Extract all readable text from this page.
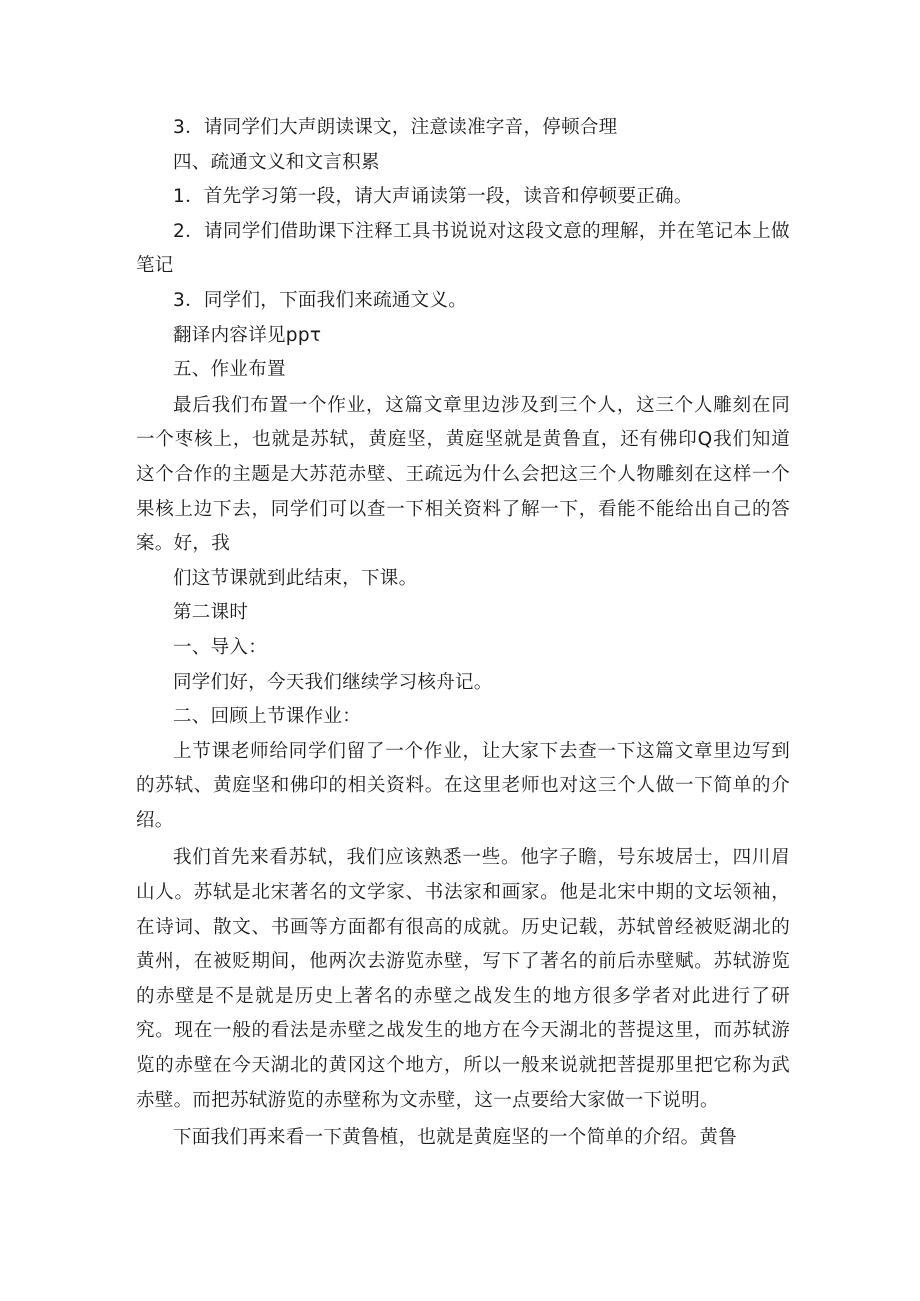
3．请同学们大声朗读课文，注意读准字音，停顿合理

四、疏通文义和文言积累

1．首先学习第一段，请大声诵读第一段，读音和停顿要正确。

2．请同学们借助课下注释工具书说说对这段文意的理解，并在笔记本上做笔记

3．同学们，下面我们来疏通文义。

翻译内容详见ppτ

五、作业布置

最后我们布置一个作业，这篇文章里边涉及到三个人，这三个人雕刻在同一个枣核上，也就是苏轼，黄庭坚，黄庭坚就是黄鲁直，还有佛印Q我们知道这个合作的主题是大苏范赤壁、王疏远为什么会把这三个人物雕刻在这样一个果核上边下去，同学们可以查一下相关资料了解一下，看能不能给出自己的答案。好，我

们这节课就到此结束，下课。

第二课时

一、导入：

同学们好，今天我们继续学习核舟记。

二、回顾上节课作业：

上节课老师给同学们留了一个作业，让大家下去查一下这篇文章里边写到的苏轼、黄庭坚和佛印的相关资料。在这里老师也对这三个人做一下简单的介绍。

我们首先来看苏轼，我们应该熟悉一些。他字子瞻，号东坡居士，四川眉山人。苏轼是北宋著名的文学家、书法家和画家。他是北宋中期的文坛领袖，在诗词、散文、书画等方面都有很高的成就。历史记载，苏轼曾经被贬湖北的黄州，在被贬期间，他两次去游览赤壁，写下了著名的前后赤壁赋。苏轼游览的赤壁是不是就是历史上著名的赤壁之战发生的地方很多学者对此进行了研究。现在一般的看法是赤壁之战发生的地方在今天湖北的菩提这里，而苏轼游览的赤壁在今天湖北的黄冈这个地方，所以一般来说就把菩提那里把它称为武赤壁。而把苏轼游览的赤壁称为文赤壁，这一点要给大家做一下说明。

下面我们再来看一下黄鲁植，也就是黄庭坚的一个简单的介绍。黄鲁
